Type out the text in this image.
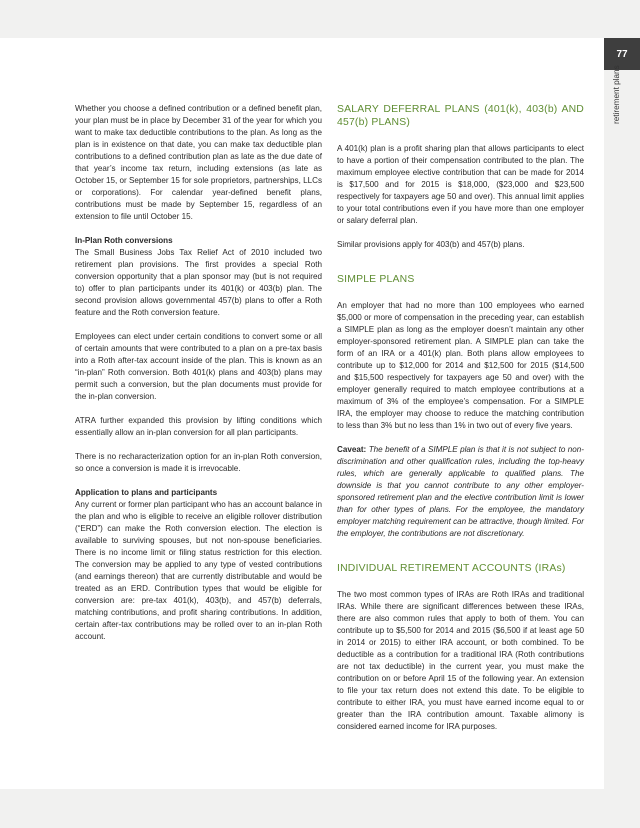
77
retirement plans

Whether you choose a defined contribution or a defined benefit plan, your plan must be in place by December 31 of the year for which you want to make tax deductible contributions to the plan. As long as the plan is in existence on that date, you can make tax deductible plan contributions to a defined contribution plan as late as the due date of that year’s income tax return, including extensions (as late as October 15, or September 15 for sole proprietors, partnerships, LLCs or corporations). For calendar year-defined benefit plans, contributions must be made by September 15, regardless of an extension to file until October 15.

In-Plan Roth conversions
The Small Business Jobs Tax Relief Act of 2010 included two retirement plan provisions. The first provides a special Roth conversion opportunity that a plan sponsor may (but is not required to) offer to plan participants under its 401(k) or 403(b) plan. The second provision allows governmental 457(b) plans to offer a Roth feature and the Roth conversion feature.

Employees can elect under certain conditions to convert some or all of certain amounts that were contributed to a plan on a pre-tax basis into a Roth after-tax account inside of the plan. This is known as an “in-plan” Roth conversion. Both 401(k) plans and 403(b) plans may permit such a conversion, but the plan documents must provide for the in-plan conversion.

ATRA further expanded this provision by lifting conditions which essentially allow an in-plan conversion for all plan participants.

There is no recharacterization option for an in-plan Roth conversion, so once a conversion is made it is irrevocable.

Application to plans and participants
Any current or former plan participant who has an account balance in the plan and who is eligible to receive an eligible rollover distribution (“ERD”) can make the Roth conversion election. The election is available to surviving spouses, but not non-spouse beneficiaries. There is no income limit or filing status restriction for this election. The conversion may be applied to any type of vested contributions (and earnings thereon) that are currently distributable and would be treated as an ERD. Contribution types that would be eligible for conversion are: pre-tax 401(k), 403(b), and 457(b) deferrals, matching contributions, and profit sharing contributions. In addition, certain after-tax contributions may be rolled over to an in-plan Roth account.

SALARY DEFERRAL PLANS (401(k), 403(b) AND 457(b) PLANS)

A 401(k) plan is a profit sharing plan that allows participants to elect to have a portion of their compensation contributed to the plan. The maximum employee elective contribution that can be made for 2014 is $17,500 and for 2015 is $18,000, ($23,000 and $23,500 respectively for taxpayers age 50 and over). This annual limit applies to your total contributions even if you have more than one employer or salary deferral plan.

Similar provisions apply for 403(b) and 457(b) plans.

SIMPLE PLANS

An employer that had no more than 100 employees who earned $5,000 or more of compensation in the preceding year, can establish a SIMPLE plan as long as the employer doesn’t maintain any other employer-sponsored retirement plan. A SIMPLE plan can take the form of an IRA or a 401(k) plan. Both plans allow employees to contribute up to $12,000 for 2014 and $12,500 for 2015 ($14,500 and $15,500 respectively for taxpayers age 50 and over) with the employer generally required to match employee contributions at a maximum of 3% of the employee’s compensation. For a SIMPLE IRA, the employer may choose to reduce the matching contribution to less than 3% but no less than 1% in two out of every five years.

Caveat: The benefit of a SIMPLE plan is that it is not subject to non-discrimination and other qualification rules, including the top-heavy rules, which are generally applicable to qualified plans. The downside is that you cannot contribute to any other employer-sponsored retirement plan and the elective contribution limit is lower than for other types of plans. For the employee, the mandatory employer matching requirement can be attractive, though limited. For the employer, the contributions are not discretionary.

INDIVIDUAL RETIREMENT ACCOUNTS (IRAs)

The two most common types of IRAs are Roth IRAs and traditional IRAs. While there are significant differences between these IRAs, there are also common rules that apply to both of them. You can contribute up to $5,500 for 2014 and 2015 ($6,500 if at least age 50 in 2014 or 2015) to either IRA account, or both combined. To be deductible as a contribution for a traditional IRA (Roth contributions are not tax deductible) in the current year, you must make the contribution on or before April 15 of the following year. An extension to file your tax return does not extend this date. To be eligible to contribute to either IRA, you must have earned income equal to or greater than the IRA contribution amount. Taxable alimony is considered earned income for IRA purposes.
